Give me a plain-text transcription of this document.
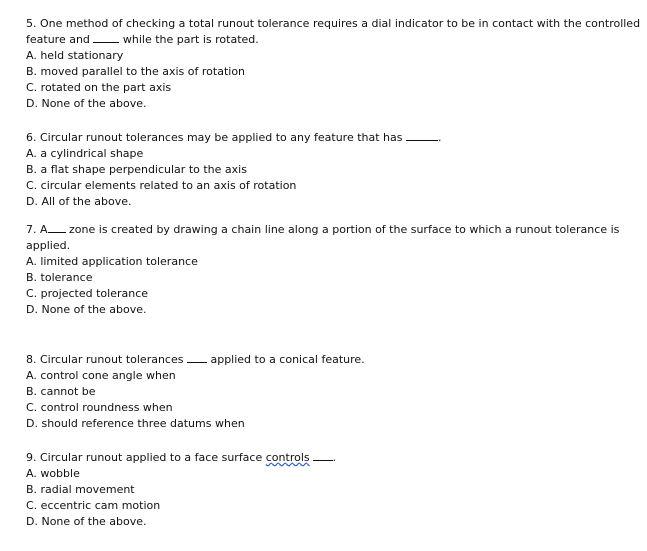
5. One method of checking a total runout tolerance requires a dial indicator to be in contact with the controlled
feature and  while the part is rotated.
A. held stationary
B. moved parallel to the axis of rotation
C. rotated on the part axis
D. None of the above.
6. Circular runout tolerances may be applied to any feature that has	.
A. a cylindrical shape
B. a flat shape perpendicular to the axis
C. circular elements related to an axis of rotation
D. All of the above.
7. A zone is created by drawing a chain line along a portion of the surface to which a runout tolerance is applied.
A. limited application tolerance
B. tolerance
C. projected tolerance
D. None of the above.
8. Circular runout tolerances  applied to a conical feature.
A. control cone angle when
B. cannot be
C. control roundness when
D. should reference three datums when
9. Circular runout applied to a face surface controls .
A. wobble
B. radial movement
C. eccentric cam motion
D. None of the above.
